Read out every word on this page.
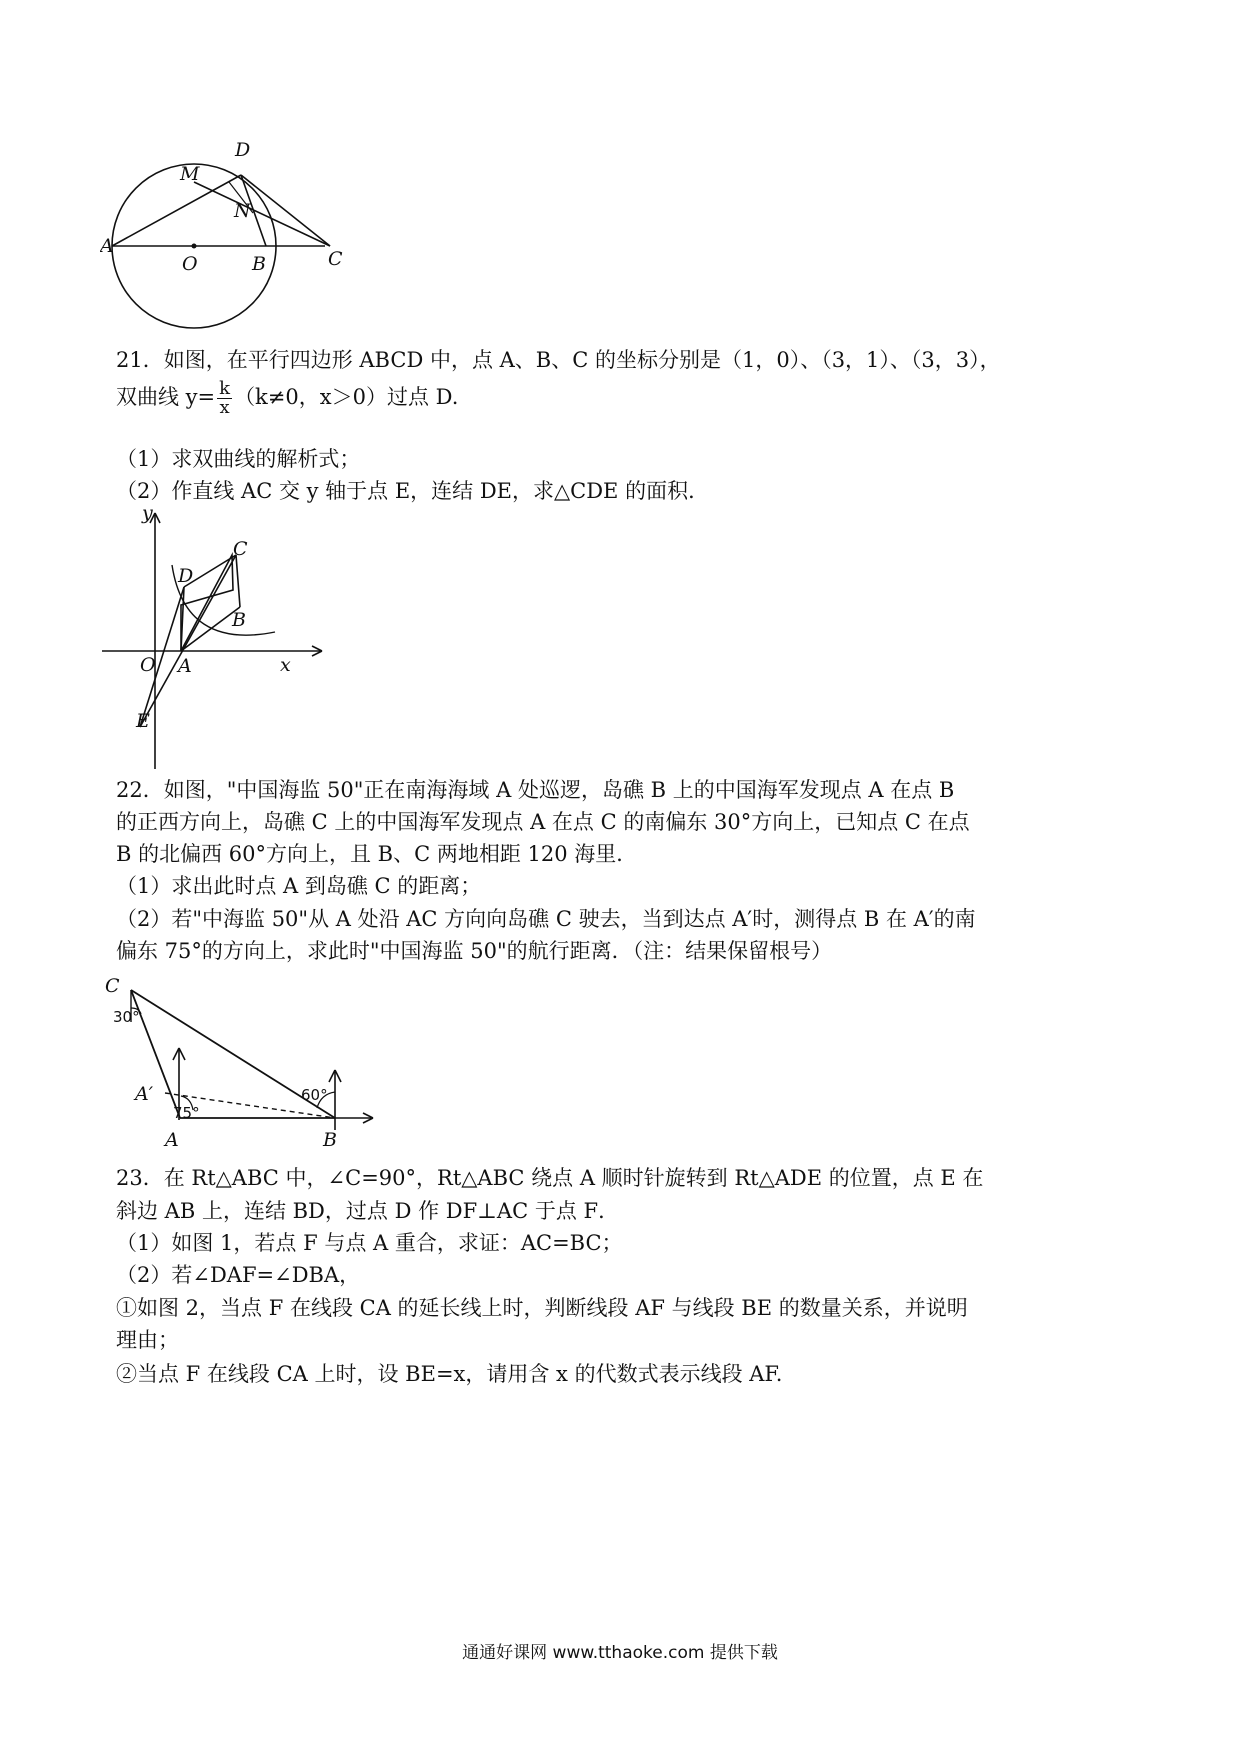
A
M
D
N
O	B	C
21．如图，在平行四边形 ABCD 中，点 A、B、C 的坐标分别是（1，0）、（3，1）、（3，3），
双曲线 $y= \frac{k}{x} (k\ne 0$，x＞0）过点 D.
（1）求双曲线的解析式；
（2）作直线 AC 交 y 轴于点 E，连结 DE，求△CDE 的面积．
y
x
O A
B
C
D
E
22．如图，"中国海监 50"正在南海海域 A 处巡逻，岛礁 B 上的中国海军发现点 A 在点 B
的正西方向上，岛礁 C 上的中国海军发现点 A 在点 C 的南偏东 30°方向上，已知点 C 在点
B 的北偏西 60°方向上，且 B、C 两地相距 120 海里．
（1）求出此时点 A 到岛礁 C 的距离；
（2）若"中海监 50"从 A 处沿 AC 方向向岛礁 C 驶去，当到达点 A′时，测得点 B 在 A′的南
偏东 75°的方向上，求此时"中国海监 50"的航行距离．（注：结果保留根号）
C
30°
A′
75°
A
60°
B
23．在 Rt△ABC 中，∠C=90°，Rt△ABC 绕点 A 顺时针旋转到 Rt△ADE 的位置，点 E 在
斜边 AB 上，连结 BD，过点 D 作 DF⊥AC 于点 F．
（1）如图 1，若点 F 与点 A 重合，求证：AC=BC；
（2）若∠DAF=∠DBA，
①如图 2，当点 F 在线段 CA 的延长线上时，判断线段 AF 与线段 BE 的数量关系，并说明
理由；
②当点 F 在线段 CA 上时，设 BE=x，请用含 x 的代数式表示线段 AF.
通通好课网 www.tthaoke.com 提供下载
